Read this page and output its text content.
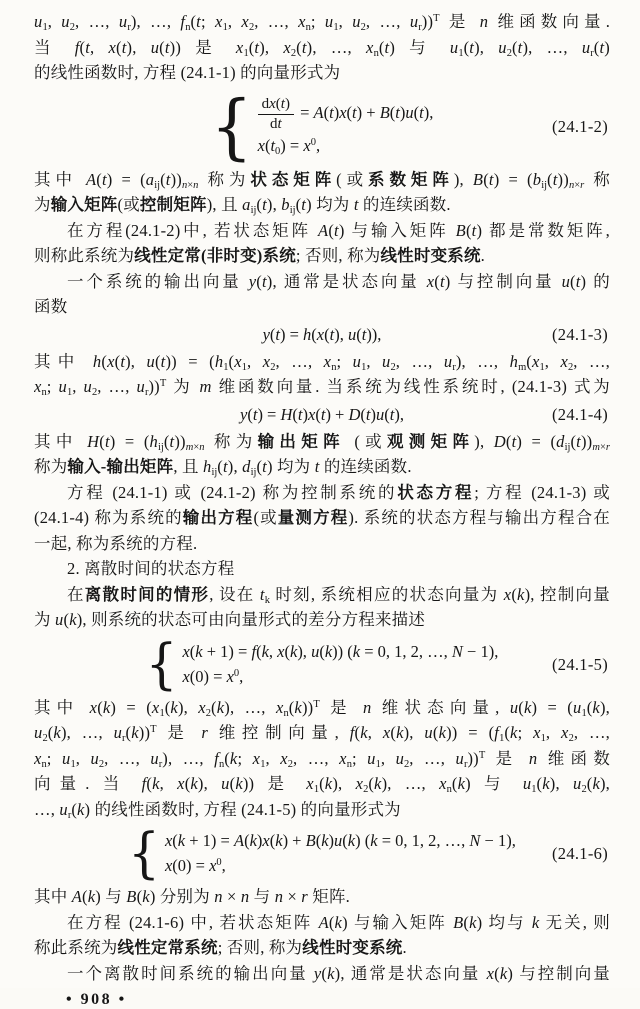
$u_1$, $u_2$, …, $u_r$), …, $f_n(t$; $x_1$, $x_2$, …, $x_n$; $u_1$, $u_2$, …, $u_r))^T$ 是 n 维函数向量.
当 f(t, x(t), u(t)) 是 $x_1(t)$, $x_2(t)$, …, $x_n(t)$ 与 $u_1(t)$, $u_2(t)$, …, $u_r(t)$
的线性函数时, 方程 (24.1-1) 的向量形式为
{ $\frac{dx(t)}{dt} = A(t)x(t) + B(t)u(t)$,
$x(t_0) = x^0$,
(24.1-2)
其中 $A(t) = (a_{ij}(t))_{n\times n}$ 称为状态矩阵(或系数矩阵), $B(t) = (b_{ij}(t))_{n\times r}$ 称
为输入矩阵(或控制矩阵), 且 $a_{ij}(t)$, $b_{ij}(t)$ 均为 t 的连续函数.
在方程(24.1-2)中, 若状态矩阵 A(t) 与输入矩阵 B(t) 都是常数矩阵,
则称此系统为线性定常(非时变)系统; 否则, 称为线性时变系统.
一个系统的输出向量 y(t), 通常是状态向量 x(t) 与控制向量 u(t) 的
函数
y(t) = h(x(t), u(t)),	(24.1-3)
其中 h(x(t), $u(t)) = (h_1(x_1$, $x_2$, …, $x_n$; $u_1$, $u_2$, …, $u_r$), …, $h_m(x_1$, $x_2$, …,
$x_n$; $u_1$, $u_2$, …, $u_r))^T$ 为 m 维函数向量. 当系统为线性系统时, (24.1-3) 式为
y(t) = H(t)x(t) + D(t)u(t),	(24.1-4)
其中 $H(t) = (h_{ij}(t))_{m\times n}$ 称为输出矩阵 (或观测矩阵), $D(t) = (d_{ij}(t))_{m\times r}$
称为输入-输出矩阵, 且 $h_{ij}(t)$, $d_{ij}(t)$ 均为 t 的连续函数.
方程 (24.1-1) 或 (24.1-2) 称为控制系统的状态方程; 方程 (24.1-3) 或
(24.1-4) 称为系统的输出方程(或量测方程). 系统的状态方程与输出方程合在
一起, 称为系统的方程.
2. 离散时间的状态方程
在离散时间的情形, 设在 $t_k$ 时刻, 系统相应的状态向量为 x(k), 控制向量
为 u(k), 则系统的状态可由向量形式的差分方程来描述
{ x(k + 1) = f(k, x(k), u(k)) (k = 0, 1, 2, …, N − 1),
$x(0) = x^0$,
(24.1-5)
其中 $x(k) = (x_1(k)$, $x_2(k)$, …, $x_n(k))^T$ 是 n 维状态向量, $u(k) = (u_1(k)$,
$u_2(k)$, …, $u_r(k))^T$ 是 r 维控制向量, f(k, x(k), $u(k)) = (f_1(k$; $x_1$, $x_2$, …,
$x_n$; $u_1$, $u_2$, …, $u_r$), …, $f_n(k$; $x_1$, $x_2$, …, $x_n$; $u_1$, $u_2$, …, $u_r))^T$ 是 n 维函数
向量. 当 f(k, x(k), u(k)) 是 $x_1(k)$, $x_2(k)$, …, $x_n(k)$ 与 $u_1(k)$, $u_2(k)$,
…, $u_r(k)$ 的线性函数时, 方程 (24.1-5) 的向量形式为
{ x(k + 1) = A(k)x(k) + B(k)u(k) (k = 0, 1, 2, …, N − 1),
$x(0) = x^0$,
(24.1-6)
其中 A(k) 与 B(k) 分别为 n × n 与 n × r 矩阵.
在方程 (24.1-6) 中, 若状态矩阵 A(k) 与输入矩阵 B(k) 均与 k 无关, 则
称此系统为线性定常系统; 否则, 称为线性时变系统.
一个离散时间系统的输出向量 y(k), 通常是状态向量 x(k) 与控制向量
• 908 •
